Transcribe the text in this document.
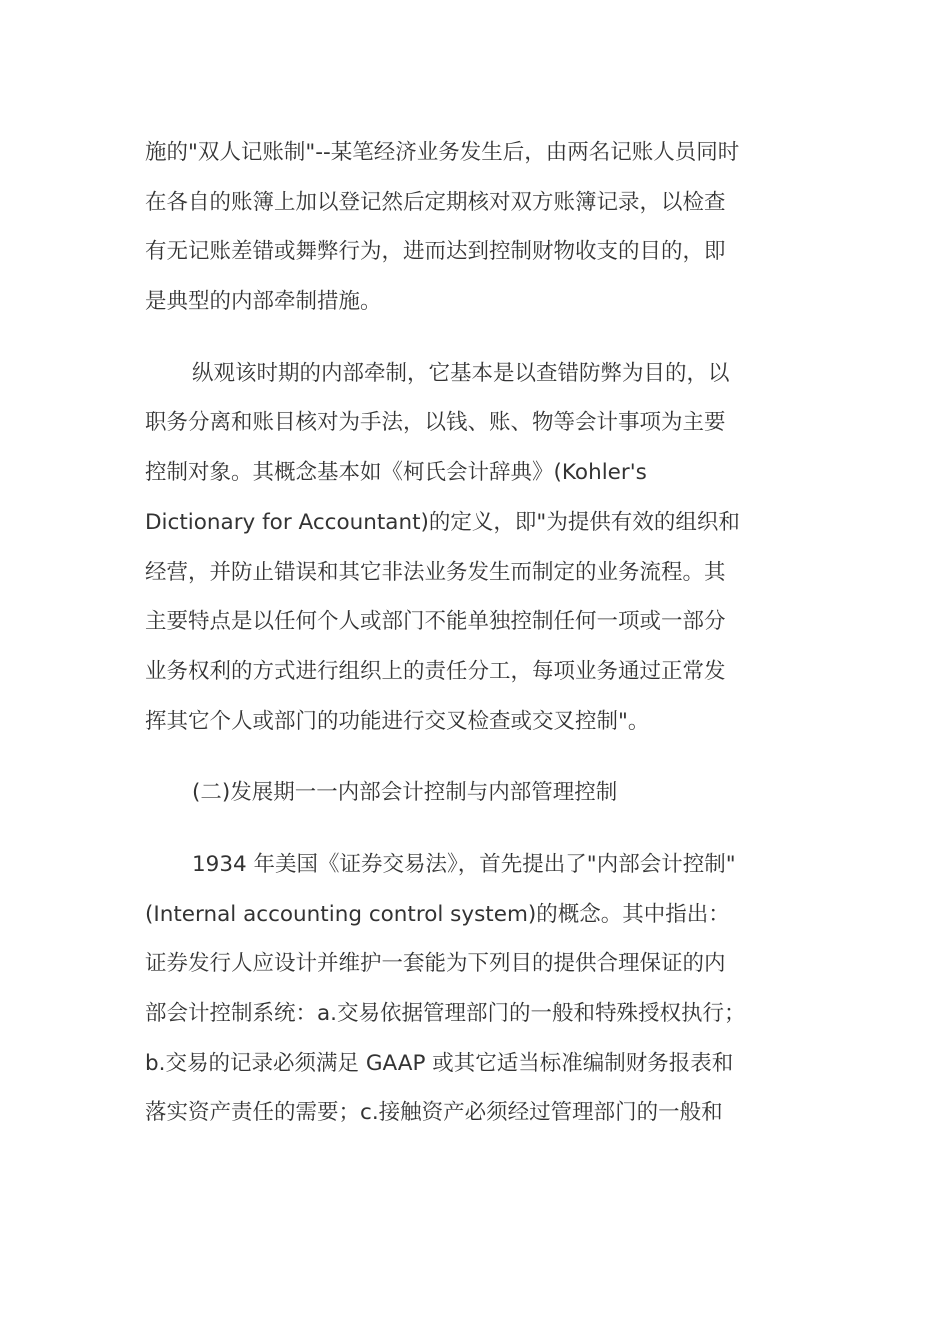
施的"双人记账制"--某笔经济业务发生后，由两名记账人员同时
在各自的账簿上加以登记然后定期核对双方账簿记录，以检查
有无记账差错或舞弊行为，进而达到控制财物收支的目的，即
是典型的内部牵制措施。
纵观该时期的内部牵制，它基本是以查错防弊为目的，以
职务分离和账目核对为手法，以钱、账、物等会计事项为主要
控制对象。其概念基本如《柯氏会计辞典》(Kohler's
Dictionary for Accountant)的定义，即"为提供有效的组织和
经营，并防止错误和其它非法业务发生而制定的业务流程。其
主要特点是以任何个人或部门不能单独控制任何一项或一部分
业务权利的方式进行组织上的责任分工，每项业务通过正常发
挥其它个人或部门的功能进行交叉检查或交叉控制"。
(二)发展期一一内部会计控制与内部管理控制
1934 年美国《证券交易法》，首先提出了"内部会计控制"
(Internal accounting control system)的概念。其中指出：
证券发行人应设计并维护一套能为下列目的提供合理保证的内
部会计控制系统：a.交易依据管理部门的一般和特殊授权执行；
b.交易的记录必须满足 GAAP 或其它适当标准编制财务报表和
落实资产责任的需要；c.接触资产必须经过管理部门的一般和
